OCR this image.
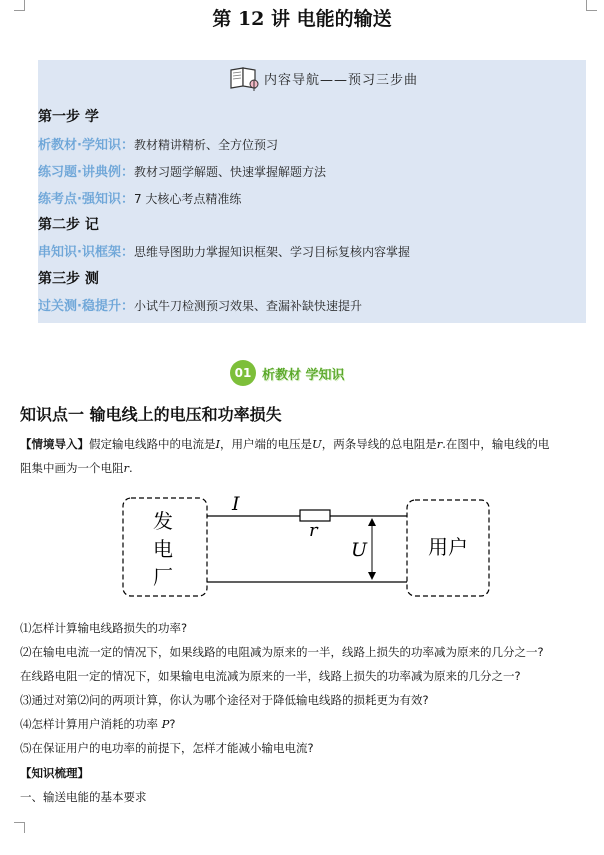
第 12 讲 电能的输送
内容导航——预习三步曲
第一步 学
析教材·学知识：教材精讲精析、全方位预习
练习题·讲典例：教材习题学解题、快速掌握解题方法
练考点·强知识：7 大核心考点精准练
第二步 记
串知识·识框架：思维导图助力掌握知识框架、学习目标复核内容掌握
第三步 测
过关测·稳提升：小试牛刀检测预习效果、查漏补缺快速提升
01 析教材 学知识
知识点一 输电线上的电压和功率损失
【情境导入】假定输电线路中的电流是I，用户端的电压是U，两条导线的总电阻是r.在图中，输电线的电
阻集中画为一个电阻r.
发
电
厂
I
r
U	用户
⑴怎样计算输电线路损失的功率?
⑵在输电电流一定的情况下，如果线路的电阻减为原来的一半，线路上损失的功率减为原来的几分之一?
在线路电阻一定的情况下，如果输电电流减为原来的一半，线路上损失的功率减为原来的几分之一?
⑶通过对第⑵问的两项计算，你认为哪个途径对于降低输电线路的损耗更为有效?
⑷怎样计算用户消耗的功率 P?
⑸在保证用户的电功率的前提下，怎样才能减小输电电流?
【知识梳理】
一、输送电能的基本要求
